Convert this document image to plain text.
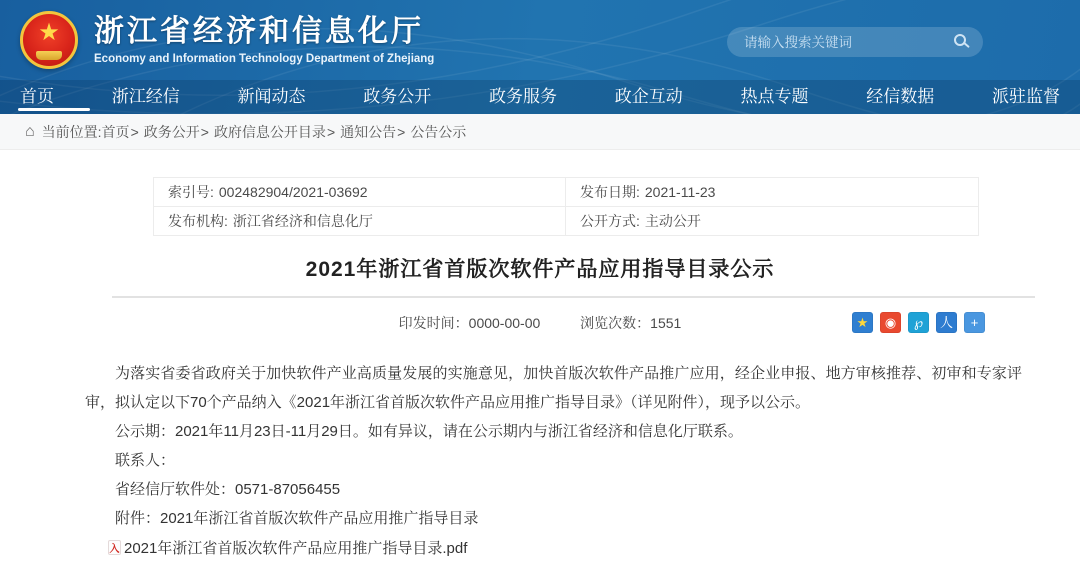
★ 浙江省经济和信息化厅
Economy and Information Technology Department of Zhejiang
请输入搜索关键词
首页	浙江经信	新闻动态	政务公开	政务服务	政企互动	热点专题	经信数据	派驻监督
⌂ 当前位置: 首页 > 政务公开 > 政府信息公开目录 > 通知公告 > 公告公示
索引号: 002482904/2021-03692	发布日期: 2021-11-23
发布机构: 浙江省经济和信息化厅	公开方式: 主动公开
2021年浙江省首版次软件产品应用指导目录公示
印发时间：0000-00-00	浏览次数：1551	★	◉	℘	人	+

为落实省委省政府关于加快软件产业高质量发展的实施意见，加快首版次软件产品推广应用，经企业申报、地方审核推荐、初审和专家评审，拟认定以下70个产品纳入《2021年浙江省首版次软件产品应用推广指导目录》（详见附件），现予以公示。

公示期：2021年11月23日-11月29日。如有异议，请在公示期内与浙江省经济和信息化厅联系。

联系人：

省经信厅软件处：0571-87056455

附件：2021年浙江省首版次软件产品应用推广指导目录

入 2021年浙江省首版次软件产品应用推广指导目录.pdf
